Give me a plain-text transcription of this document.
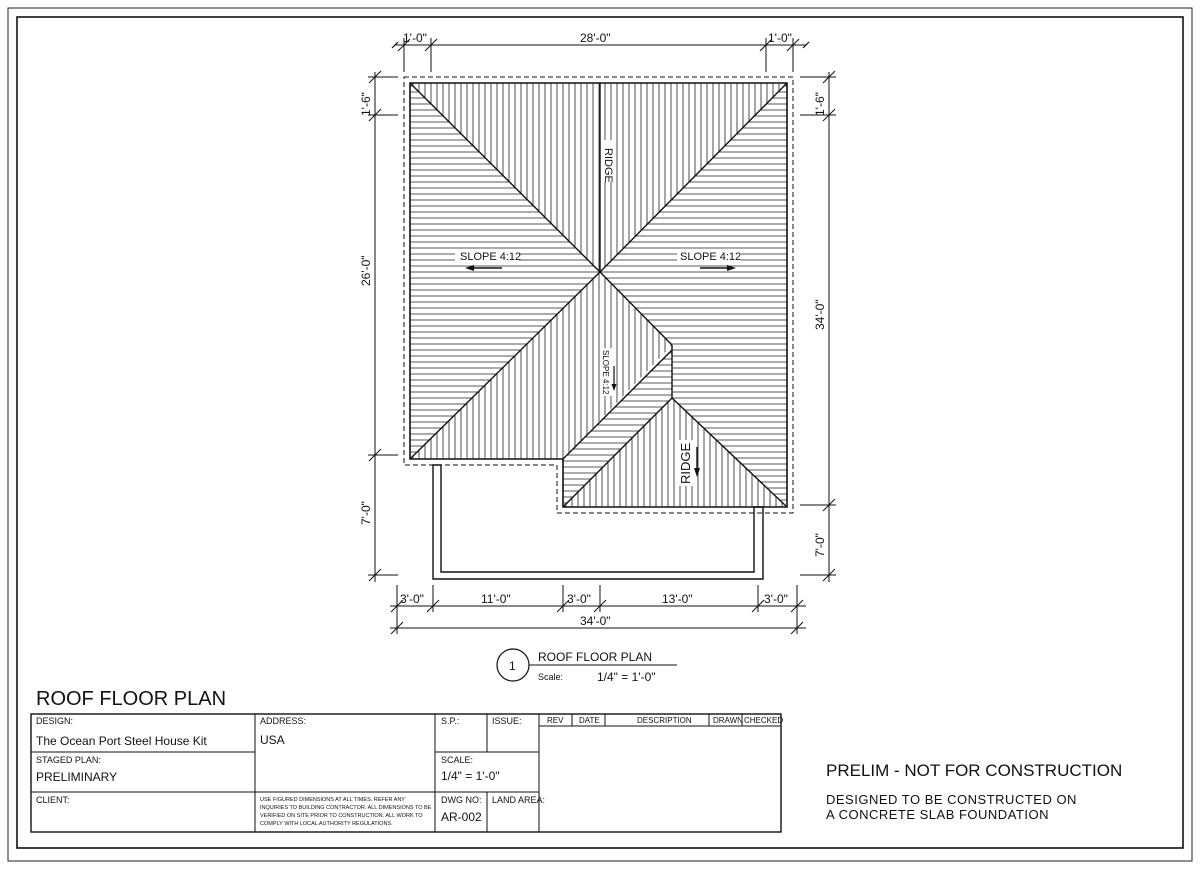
SLOPE 4:12	SLOPE 4:12
RIDGE
RIDGE
SLOPE 4:12
1'-0"	28'-0"	1'-0"
1'-6"
26'-0"
7'-0"
1'-6"
34'-0"
7'-0"
3'-0"	11'-0"	3'-0"	13'-0"	3'-0"
34'-0"
1
ROOF FLOOR PLAN
Scale:	1/4" = 1'-0"
ROOF FLOOR PLAN
DESIGN:
The Ocean Port Steel House Kit
ADDRESS:
USA
S.P.:	ISSUE:
STAGED PLAN:
PRELIMINARY
SCALE:
1/4" = 1'-0"
CLIENT:	USE FIGURED DIMENSIONS AT ALL TIMES. REFER ANY
INQUIRIES TO BUILDING CONTRACTOR. ALL DIMENSIONS TO BE
VERIFIED ON SITE PRIOR TO CONSTRUCTION. ALL WORK TO
COMPLY WITH LOCAL AUTHORITY REGULATIONS.
DWG NO:
AR-002
LAND AREA:
REV DATE	DESCRIPTION	DRAWN CHECKED
PRELIM - NOT FOR CONSTRUCTION
DESIGNED TO BE CONSTRUCTED ON
A CONCRETE SLAB FOUNDATION
